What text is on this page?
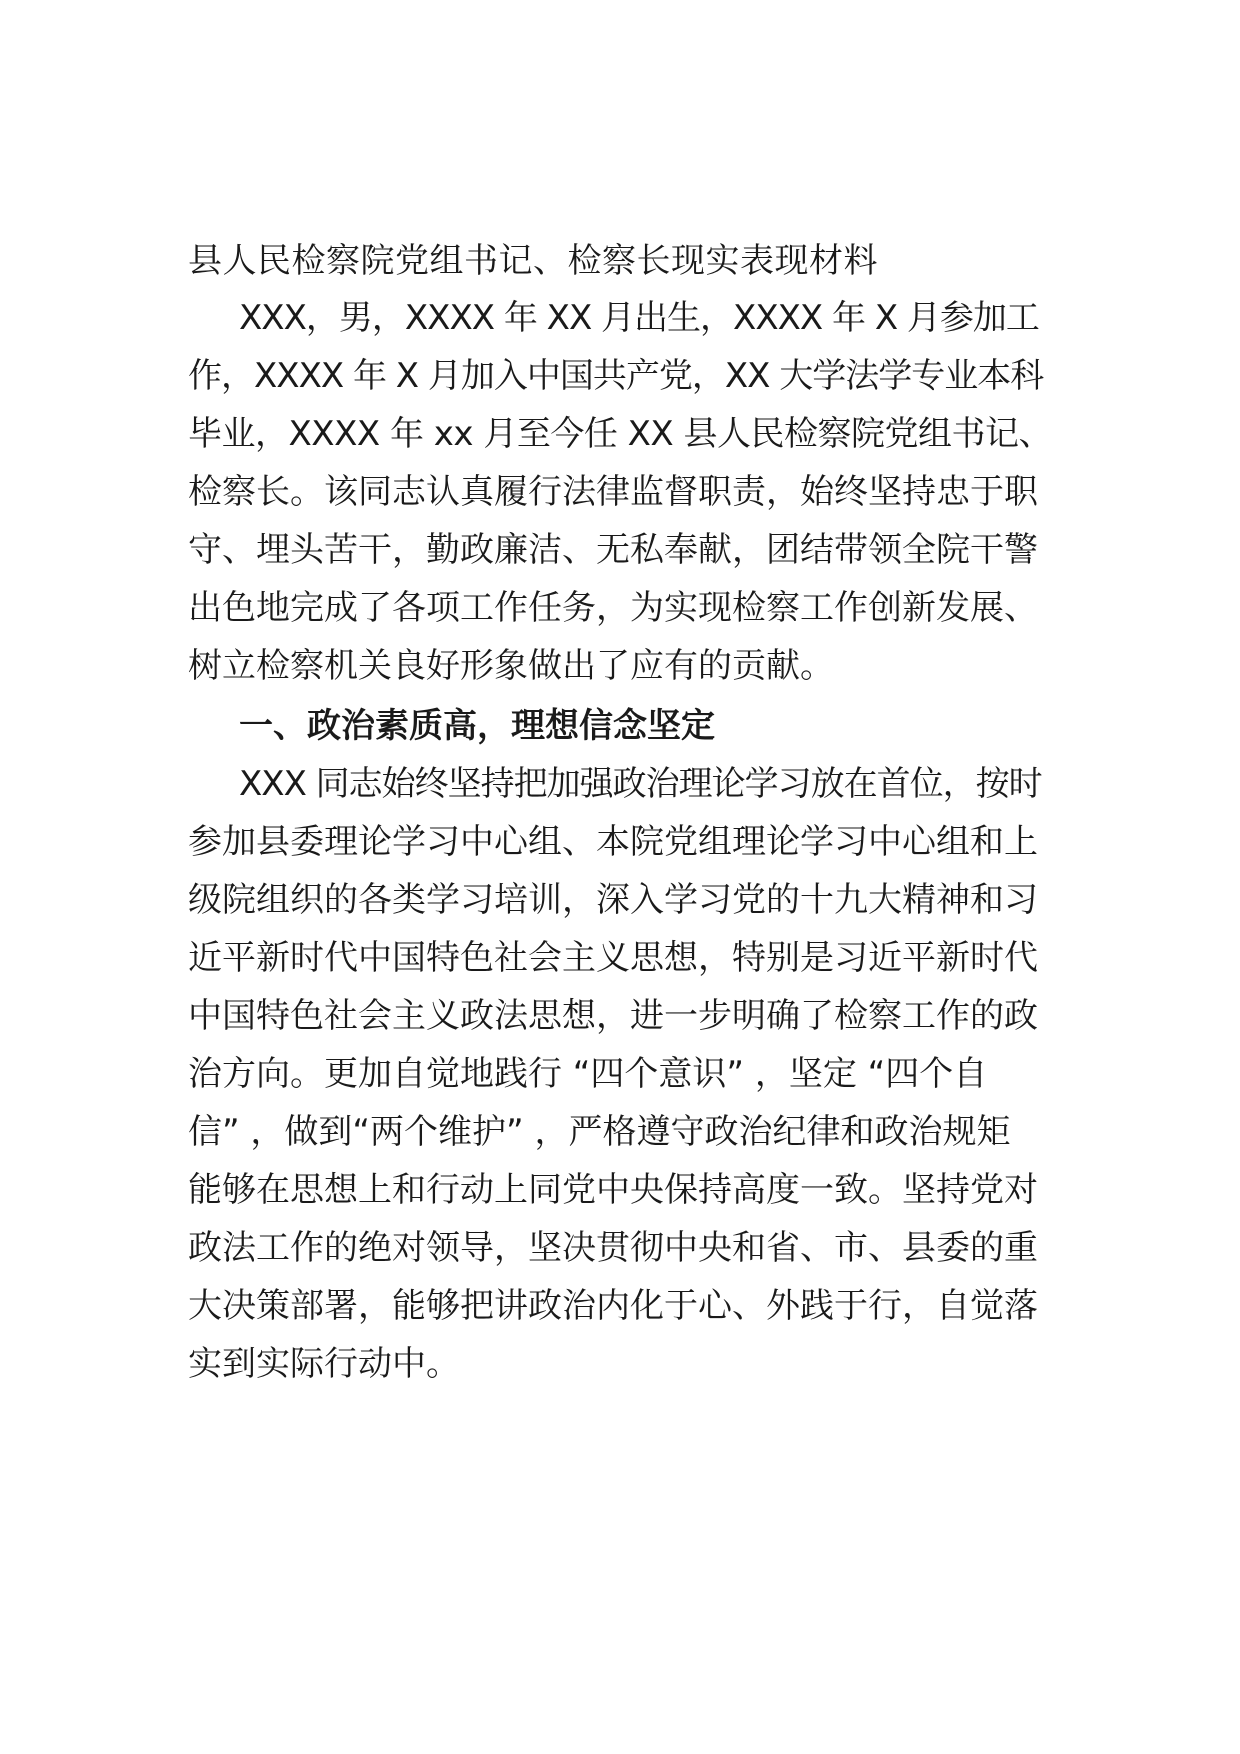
县人民检察院党组书记、检察长现实表现材料
XXX，男，XXXX 年 XX 月出生，XXXX 年 X 月参加工
作，XXXX 年 X 月加入中国共产党，XX 大学法学专业本科
毕业，XXXX 年 xx 月至今任 XX 县人民检察院党组书记、
检察长。该同志认真履行法律监督职责，始终坚持忠于职
守、埋头苦干，勤政廉洁、无私奉献，团结带领全院干警
出色地完成了各项工作任务，为实现检察工作创新发展、
树立检察机关良好形象做出了应有的贡献。
一、政治素质高，理想信念坚定
XXX 同志始终坚持把加强政治理论学习放在首位，按时
参加县委理论学习中心组、本院党组理论学习中心组和上
级院组织的各类学习培训，深入学习党的十九大精神和习
近平新时代中国特色社会主义思想，特别是习近平新时代
中国特色社会主义政法思想，进一步明确了检察工作的政
治方向。更加自觉地践行 “四个意识” ，坚定 “四个自
信” ，做到“两个维护” ，严格遵守政治纪律和政治规矩
能够在思想上和行动上同党中央保持高度一致。坚持党对
政法工作的绝对领导，坚决贯彻中央和省、市、县委的重
大决策部署，能够把讲政治内化于心、外践于行，自觉落
实到实际行动中。
